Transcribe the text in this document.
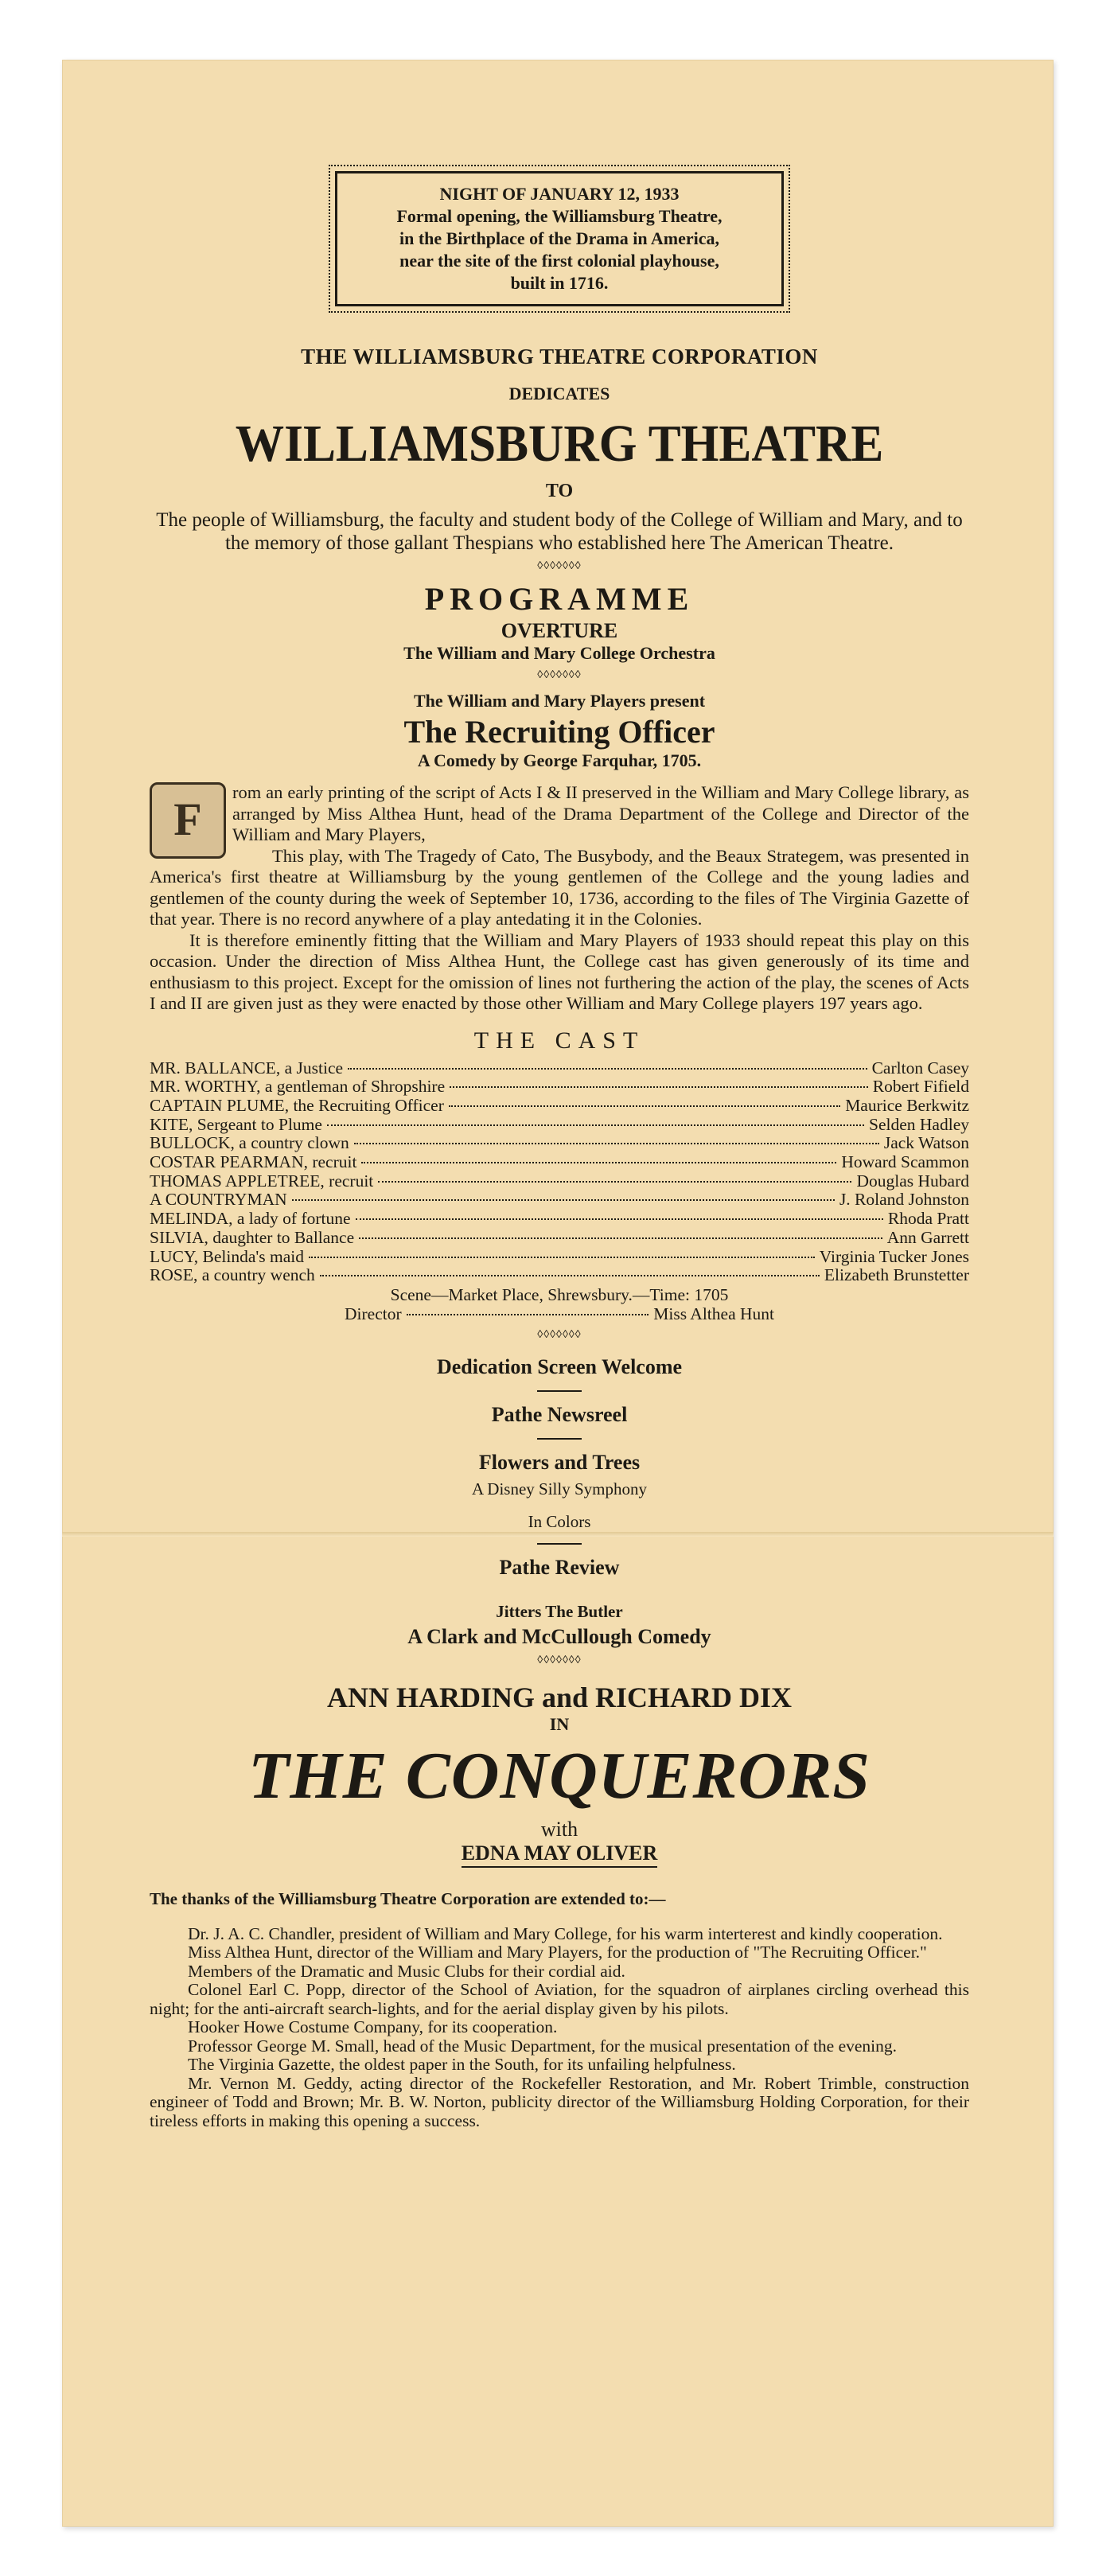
NIGHT OF JANUARY 12, 1933
Formal opening, the Williamsburg Theatre,
in the Birthplace of the Drama in America,
near the site of the first colonial playhouse,
built in 1716.
THE WILLIAMSBURG THEATRE CORPORATION
DEDICATES
WILLIAMSBURG THEATRE
TO
The people of Williamsburg, the faculty and student body of the College of William and Mary, and to the memory of those gallant Thespians who established here The American Theatre.
◊◊◊◊◊◊◊
PROGRAMME
OVERTURE
The William and Mary College Orchestra
◊◊◊◊◊◊◊
The William and Mary Players present
The Recruiting Officer
A Comedy by George Farquhar, 1705.
F

rom an early printing of the script of Acts I & II preserved in the William and Mary College library, as arranged by Miss Althea Hunt, head of the Drama Department of the College and Director of the William and Mary Players,

This play, with The Tragedy of Cato, The Busybody, and the Beaux Strategem, was presented in America's first theatre at Williamsburg by the young gentlemen of the College and the young ladies and gentlemen of the county during the week of September 10, 1736, according to the files of The Virginia Gazette of that year. There is no record anywhere of a play antedating it in the Colonies.

It is therefore eminently fitting that the William and Mary Players of 1933 should repeat this play on this occasion. Under the direction of Miss Althea Hunt, the College cast has given generously of its time and enthusiasm to this project. Except for the omission of lines not furthering the action of the play, the scenes of Acts I and II are given just as they were enacted by those other William and Mary College players 197 years ago.

THE CAST
MR. BALLANCE, a Justice	Carlton Casey
MR. WORTHY, a gentleman of Shropshire	Robert Fifield
CAPTAIN PLUME, the Recruiting Officer	Maurice Berkwitz
KITE, Sergeant to Plume	Selden Hadley
BULLOCK, a country clown	Jack Watson
COSTAR PEARMAN, recruit	Howard Scammon
THOMAS APPLETREE, recruit	Douglas Hubard
A COUNTRYMAN	J. Roland Johnston
MELINDA, a lady of fortune	Rhoda Pratt
SILVIA, daughter to Ballance	Ann Garrett
LUCY, Belinda's maid	Virginia Tucker Jones
ROSE, a country wench	Elizabeth Brunstetter
Scene—Market Place, Shrewsbury.—Time: 1705
Director	Miss Althea Hunt
◊◊◊◊◊◊◊
Dedication Screen Welcome
Pathe Newsreel
Flowers and Trees
A Disney Silly Symphony
In Colors
Pathe Review
Jitters The Butler
A Clark and McCullough Comedy
◊◊◊◊◊◊◊
ANN HARDING and RICHARD DIX
IN
THE CONQUERORS
with
EDNA MAY OLIVER
The thanks of the Williamsburg Theatre Corporation are extended to:—

Dr. J. A. C. Chandler, president of William and Mary College, for his warm interterest and kindly cooperation.

Miss Althea Hunt, director of the William and Mary Players, for the production of "The Recruiting Officer."

Members of the Dramatic and Music Clubs for their cordial aid.

Colonel Earl C. Popp, director of the School of Aviation, for the squadron of airplanes circling overhead this night; for the anti-aircraft search-lights, and for the aerial display given by his pilots.

Hooker Howe Costume Company, for its cooperation.

Professor George M. Small, head of the Music Department, for the musical presentation of the evening.

The Virginia Gazette, the oldest paper in the South, for its unfailing helpfulness.

Mr. Vernon M. Geddy, acting director of the Rockefeller Restoration, and Mr. Robert Trimble, construction engineer of Todd and Brown; Mr. B. W. Norton, publicity director of the Williamsburg Holding Corporation, for their tireless efforts in making this opening a success.
